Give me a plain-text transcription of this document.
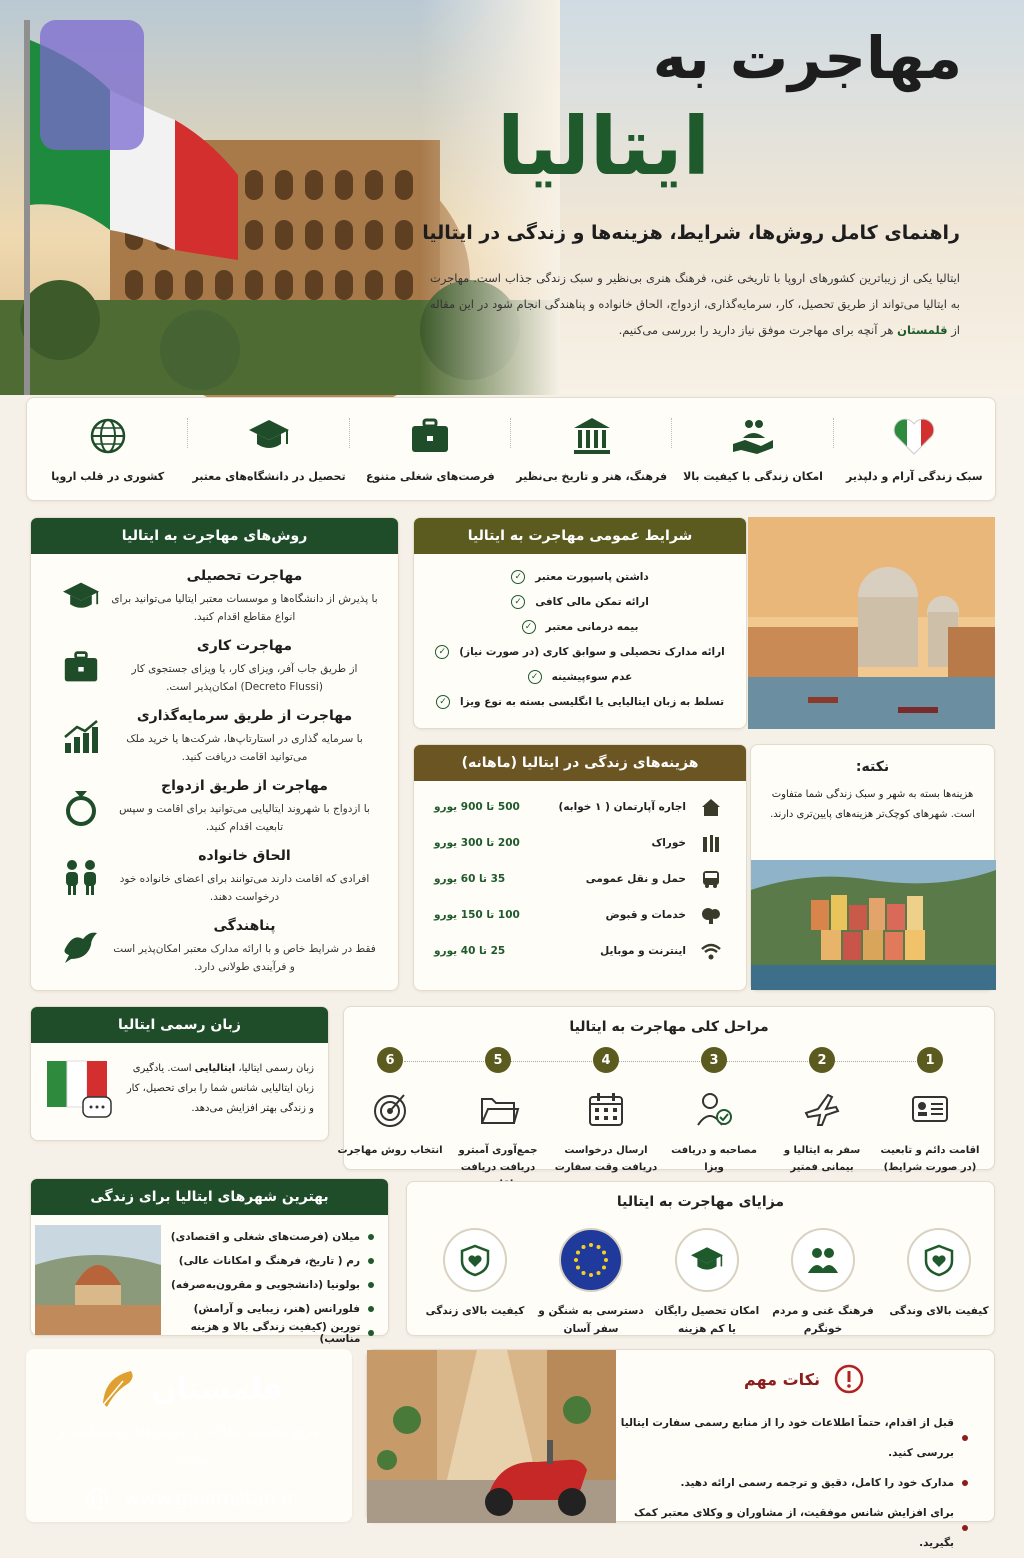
مهاجرت به
ایتالیا
راهنمای کامل روش‌ها، شرایط، هزینه‌ها و زندگی در ایتالیا
ایتالیا یکی از زیباترین کشورهای اروپا با تاریخی غنی، فرهنگ هنری بی‌نظیر و سبک زندگی جذاب است. مهاجرت به ایتالیا می‌تواند از طریق تحصیل، کار، سرمایه‌گذاری، ازدواج، الحاق خانواده و پناهندگی انجام شود در این مقاله از قلمستان هر آنچه برای مهاجرت موفق نیاز دارید را بررسی می‌کنیم.
سبک زندگی آرام و دلپذیر
امکان زندگی با کیفیت بالا
فرهنگ، هنر و تاریخ بی‌نظیر
فرصت‌های شغلی متنوع
تحصیل در دانشگاه‌های معتبر
کشوری در قلب اروپا
روش‌های مهاجرت به ایتالیا
مهاجرت تحصیلی
با پذیرش از دانشگاه‌ها و موسسات معتبر ایتالیا می‌توانید برای انواع مقاطع اقدام کنید.
مهاجرت کاری
از طریق جاب آفر، ویزای کار، یا ویزای جستجوی کار (Decreto Flussi) امکان‌پذیر است.
مهاجرت از طریق سرمایه‌گذاری
با سرمایه گذاری در استارتاپ‌ها، شرکت‌ها یا خرید ملک می‌توانید اقامت دریافت کنید.
مهاجرت از طریق ازدواج
با ازدواج با شهروند ایتالیایی می‌توانید برای اقامت و سپس تابعیت اقدام کنید.
الحاق خانواده
افرادی که اقامت دارند می‌توانند برای اعضای خانواده خود درخواست دهند.
پناهندگی
فقط در شرایط خاص و با ارائه مدارک معتبر امکان‌پذیر است و فرآیندی طولانی دارد.
شرایط عمومی مهاجرت به ایتالیا
داشتن پاسپورت معتبر
✓
ارائه تمکن مالی کافی
✓
بیمه درمانی معتبر
✓
ارائه مدارک تحصیلی و سوابق کاری (در صورت نیاز)
✓
عدم سوءپیشینه
✓
تسلط به زبان ایتالیایی یا انگلیسی بسته به نوع ویزا
✓
هزینه‌های زندگی در ایتالیا (ماهانه)
اجاره آپارتمان ( ۱ خوابه)
500 تا 900 یورو
خوراک
200 تا 300 یورو
حمل و نقل عمومی
35 تا 60 یورو
خدمات و قبوض
100 تا 150 یورو
اینترنت و موبایل
25 تا 40 یورو
نکته:
هزینه‌ها بسته به شهر و سبک زندگی شما متفاوت است. شهرهای کوچک‌تر هزینه‌های پایین‌تری دارند.
زبان رسمی ایتالیا
زبان رسمی ایتالیا، ایتالیایی است. یادگیری زبان ایتالیایی شانس شما را برای تحصیل، کار و زندگی بهتر افزایش می‌دهد.
مراحل کلی مهاجرت به ایتالیا
1
اقامت دائم و تابعیت (در صورت شرایط)
2
سفر به ایتالیا و بیمانی فمتیر
3
مصاحبه و دریافت ویزا
4
ارسال درخواست دریافت وقت سفارت
5
جمع‌آوری آمبترو دریافت دریافت
6
انتخاب روش مهاجرت
بهترین شهرهای ایتالیا برای زندگی
میلان (فرصت‌های شغلی و اقتصادی)
رم ( تاریخ، فرهنگ و امکانات عالی)
بولونیا (دانشجویی و مقرون‌به‌صرفه)
فلورانس (هنر، زیبایی و آرامش)
تورین (کیفیت زندگی بالا و هزینه مناسب)
مزایای مهاجرت به ایتالیا
کیفیت بالای وندگی
فرهنگ غنی و مردم خونگرم
امکان تحصیل رایگان یا کم هزینه
دسترسی به شنگن و سفر آسان
کیفیت بالای زندگی
قلمستان
مرجع تخصصی مقالات و آموزش‌های روانشناسی و سلامت
www.galamstan.ir
نکات مهم
قبل از اقدام، حتماً اطلاعات خود را از منابع رسمی سفارت ایتالیا بررسی کنید.
مدارک خود را کامل، دقیق و ترجمه رسمی ارائه دهید.
برای افزایش شانس موفقیت، از مشاوران و وکلای معتبر کمک بگیرید.
